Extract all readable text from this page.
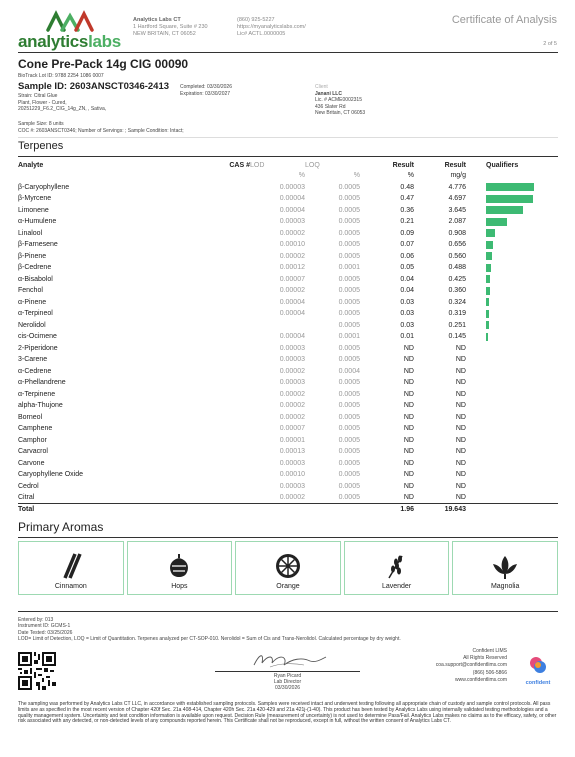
analyticslabs
Analytics Labs CT
1 Hartford Square, Suite # 230
NEW BRITAIN, CT 06052
(860) 925-5227
https://myanalyticslabs.com/
Lic# ACTL.0000005
Certificate of Analysis
2 of 5
Cone Pre-Pack 14g CIG 00090
BioTrack Lot ID: 9788 2254 1086 0007
Sample ID: 2603ANSCT0346-2413
Strain: Citral Glue
Plant, Flower - Cured,
20251229_F6.2_CIG_14g_ZN, , Sativa,
Completed: 03/30/2026
Expiration: 03/30/2027
Client
Janani LLC
Lic. # ACME0002315
436 Slater Rd
New Britain, CT 06053
Sample Size: 8 units
COC #: 2603ANSCT0346; Number of Servings: ; Sample Condition: Intact;
Terpenes
Analyte	CAS #	LOD	LOQ	Result	Result	Qualifiers
		%	%	%	mg/g	
β-Caryophyllene		0.00003	0.0005	0.48	4.776	

β-Myrcene		0.00004	0.0005	0.47	4.697	

Limonene		0.00004	0.0005	0.36	3.645	

α-Humulene		0.00003	0.0005	0.21	2.087	

Linalool		0.00002	0.0005	0.09	0.908	

β-Farnesene		0.00010	0.0005	0.07	0.656	

β-Pinene		0.00002	0.0005	0.06	0.560	

β-Cedrene		0.00012	0.0001	0.05	0.488	

α-Bisabolol		0.00007	0.0005	0.04	0.425	

Fenchol		0.00002	0.0005	0.04	0.360	

α-Pinene		0.00004	0.0005	0.03	0.324	

α-Terpineol		0.00004	0.0005	0.03	0.319	

Nerolidol			0.0005	0.03	0.251	

cis-Ocimene		0.00004	0.0001	0.01	0.145	

2-Piperidone		0.00003	0.0005	ND	ND	
3-Carene		0.00003	0.0005	ND	ND	
α-Cedrene		0.00002	0.0004	ND	ND	
α-Phellandrene		0.00003	0.0005	ND	ND	
α-Terpinene		0.00002	0.0005	ND	ND	
alpha-Thujone		0.00002	0.0005	ND	ND	
Borneol		0.00002	0.0005	ND	ND	
Camphene		0.00007	0.0005	ND	ND	
Camphor		0.00001	0.0005	ND	ND	
Carvacrol		0.00013	0.0005	ND	ND	
Carvone		0.00003	0.0005	ND	ND	
Caryophyllene Oxide		0.00010	0.0005	ND	ND	
Cedrol		0.00003	0.0005	ND	ND	
Citral		0.00002	0.0005	ND	ND	
Total				1.96	19.643	
Primary Aromas
Cinnamon	Hops	Orange	Lavender	Magnolia
Entered by: 013
Instrument ID: GCMS-1
Date Tested: 03/25/2026
LOD= Limit of Detection, LOQ = Limit of Quantitation. Terpenes analyzed per CT-SOP-010. Nerolidol = Sum of Cis and Trans-Nerolidol. Calculated percentage by dry weight.
Ryan Picard
Lab Director
03/30/2026
Confident LIMS
All Rights Reserved
coa.support@confidentlims.com
(866) 506-5866
www.confidentlims.com
confident
The sampling was performed by Analytics Labs CT LLC, in accordance with established sampling protocols. Samples were received intact and underwent testing following all appropriate chain of custody and sample control protocols. All pass limits are as specified in the most recent version of Chapter 420f Sec. 21a 408-414, Chapter 420h Sec. 21a 420-429 and 21a 421j-(1-40). This product has been tested by Analytics Labs using internally validated testing methodologies and a quality management system. Uncertainty and test condition information is available upon request. Decision Rule (measurement of uncertainty) is not used to determine Pass/Fail. Analytics Labs makes no claims as to the efficacy, safety, or other risk associated with any detected, or non-detected levels of any compounds reported herein. This Certificate shall not be reproduced, except in full, without the written consent of Analytics Labs CT.
